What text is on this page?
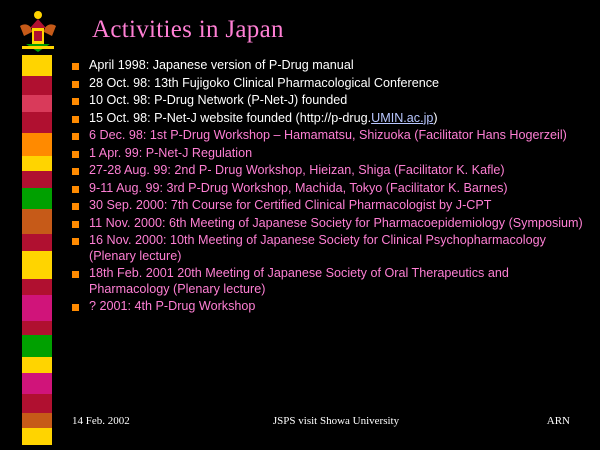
Activities in Japan
April 1998: Japanese version of P-Drug manual
28 Oct. 98: 13th Fujigoko Clinical Pharmacological Conference
10 Oct. 98: P-Drug Network (P-Net-J) founded
15 Oct. 98: P-Net-J website founded (http://p-drug.UMIN.ac.jp)
6 Dec. 98: 1st P-Drug Workshop – Hamamatsu, Shizuoka (Facilitator Hans Hogerzeil)
1 Apr. 99: P-Net-J Regulation
27-28 Aug. 99: 2nd P- Drug Workshop, Hieizan, Shiga (Facilitator K. Kafle)
9-11 Aug. 99: 3rd P-Drug Workshop, Machida, Tokyo (Facilitator K. Barnes)
30 Sep. 2000: 7th Course for Certified Clinical Pharmacologist by J-CPT
11 Nov. 2000: 6th Meeting of Japanese Society for Pharmacoepidemiology (Symposium)
16 Nov. 2000: 10th Meeting of Japanese Society for Clinical Psychopharmacology (Plenary lecture)
18th Feb. 2001 20th Meeting of Japanese Society of Oral Therapeutics and Pharmacology (Plenary lecture)
? 2001: 4th P-Drug Workshop
14 Feb. 2002	JSPS visit Showa University	ARN
